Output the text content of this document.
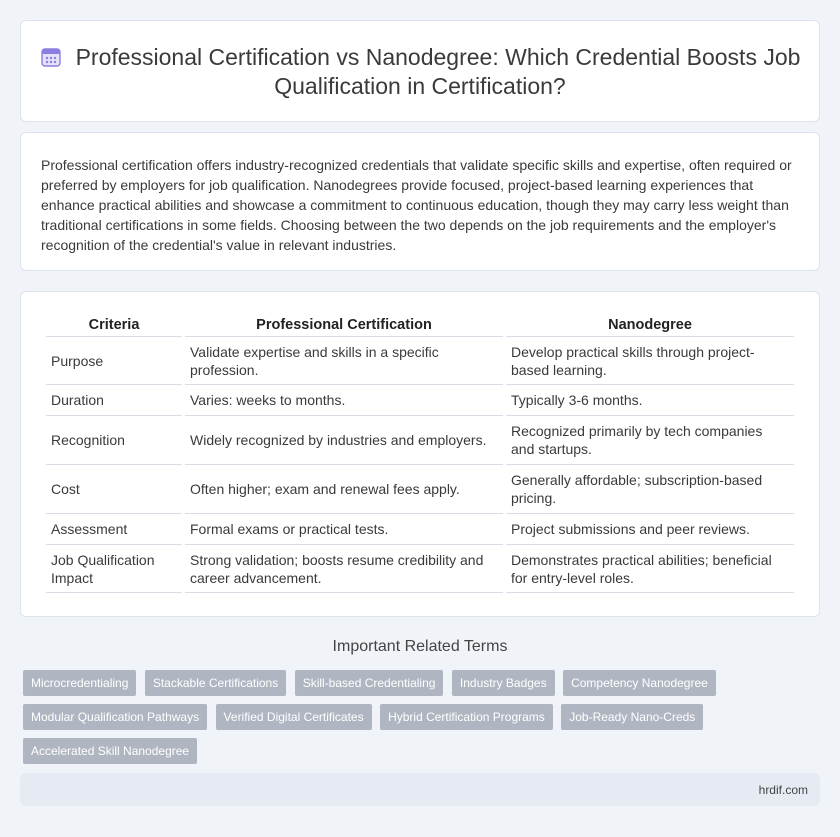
Professional Certification vs Nanodegree: Which Credential Boosts Job Qualification in Certification?

Professional certification offers industry-recognized credentials that validate specific skills and expertise, often required or preferred by employers for job qualification. Nanodegrees provide focused, project-based learning experiences that enhance practical abilities and showcase a commitment to continuous education, though they may carry less weight than traditional certifications in some fields. Choosing between the two depends on the job requirements and the employer's recognition of the credential's value in relevant industries.

Criteria	Professional Certification	Nanodegree
Purpose	Validate expertise and skills in a specific profession.	Develop practical skills through project-based learning.
Duration	Varies: weeks to months.	Typically 3-6 months.
Recognition	Widely recognized by industries and employers.	Recognized primarily by tech companies and startups.
Cost	Often higher; exam and renewal fees apply.	Generally affordable; subscription-based pricing.
Assessment	Formal exams or practical tests.	Project submissions and peer reviews.
Job Qualification Impact	Strong validation; boosts resume credibility and career advancement.	Demonstrates practical abilities; beneficial for entry-level roles.
Important Related Terms
Microcredentialing Stackable Certifications Skill-based Credentialing Industry Badges Competency Nanodegree Modular Qualification Pathways Verified Digital Certificates Hybrid Certification Programs Job-Ready Nano-Creds Accelerated Skill Nanodegree
hrdif.com
